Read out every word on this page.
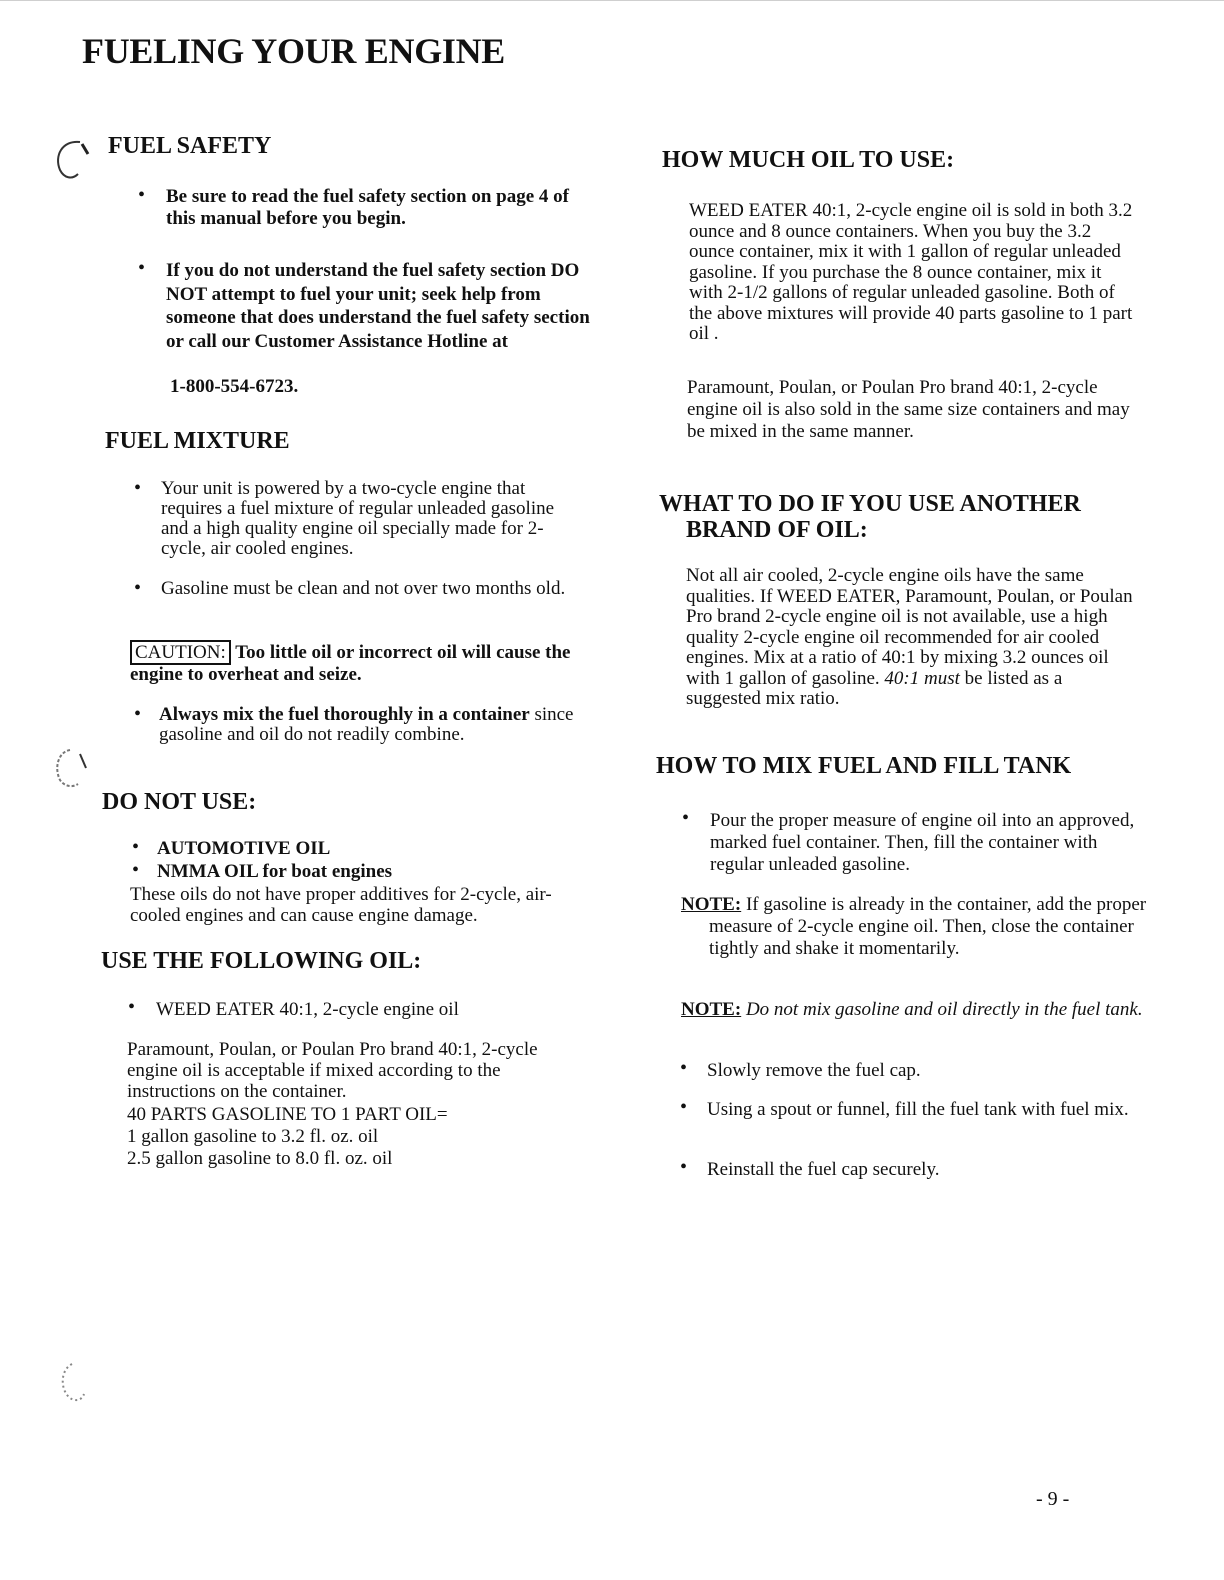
FUELING YOUR ENGINE
FUEL SAFETY
• Be sure to read the fuel safety section on page 4 of this manual before you begin.

• If you do not understand the fuel safety section DO NOT attempt to fuel your unit; seek help from someone that does understand the fuel safety section or call our Customer Assistance Hotline at

1-800-554-6723.

FUEL MIXTURE
• Your unit is powered by a two-cycle engine that requires a fuel mixture of regular unleaded gasoline and a high quality engine oil specially made for 2-cycle, air cooled engines.

• Gasoline must be clean and not over two months old.

CAUTION: Too little oil or incorrect oil will cause the engine to overheat and seize.

• Always mix the fuel thoroughly in a container since gasoline and oil do not readily combine.

DO NOT USE:
• AUTOMOTIVE OIL

• NMMA OIL for boat engines

These oils do not have proper additives for 2-cycle, air-cooled engines and can cause engine damage.

USE THE FOLLOWING OIL:
• WEED EATER 40:1, 2-cycle engine oil

Paramount, Poulan, or Poulan Pro brand 40:1, 2-cycle engine oil is acceptable if mixed according to the instructions on the container.

40 PARTS GASOLINE TO 1 PART OIL=

1 gallon gasoline to 3.2 fl. oz. oil

2.5 gallon gasoline to 8.0 fl. oz. oil

HOW MUCH OIL TO USE:

WEED EATER 40:1, 2-cycle engine oil is sold in both 3.2 ounce and 8 ounce containers. When you buy the 3.2 ounce container, mix it with 1 gallon of regular unleaded gasoline. If you purchase the 8 ounce container, mix it with 2-1/2 gallons of regular unleaded gasoline. Both of the above mixtures will provide 40 parts gasoline to 1 part oil .

Paramount, Poulan, or Poulan Pro brand 40:1, 2-cycle engine oil is also sold in the same size containers and may be mixed in the same manner.

WHAT TO DO IF YOU USE ANOTHER
BRAND OF OIL:

Not all air cooled, 2-cycle engine oils have the same qualities. If WEED EATER, Paramount, Poulan, or Poulan Pro brand 2-cycle engine oil is not available, use a high quality 2-cycle engine oil recommended for air cooled engines. Mix at a ratio of 40:1 by mixing 3.2 ounces oil with 1 gallon of gasoline. 40:1 must be listed as a suggested mix ratio.

HOW TO MIX FUEL AND FILL TANK
• Pour the proper measure of engine oil into an approved, marked fuel container. Then, fill the container with regular unleaded gasoline.

NOTE: If gasoline is already in the container, add the proper measure of 2-cycle engine oil. Then, close the container tightly and shake it momentarily.

NOTE: Do not mix gasoline and oil directly in the fuel tank.

• Slowly remove the fuel cap.

• Using a spout or funnel, fill the fuel tank with fuel mix.

• Reinstall the fuel cap securely.

- 9 -
